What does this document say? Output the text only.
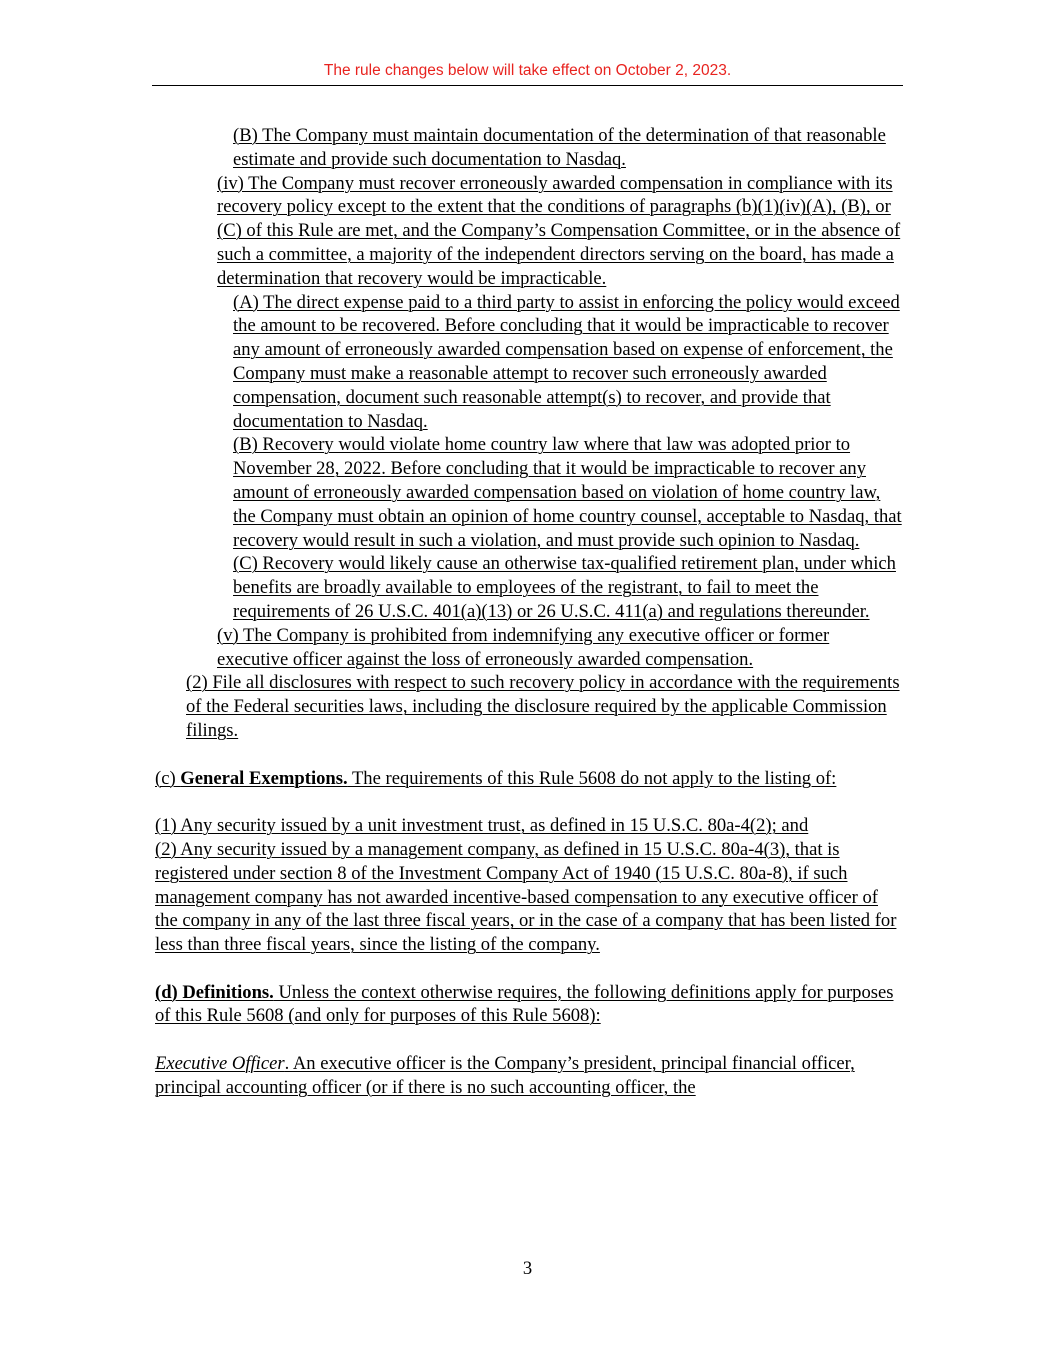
The rule changes below will take effect on October 2, 2023.

(B) The Company must maintain documentation of the determination of that reasonable estimate and provide such documentation to Nasdaq.

(iv) The Company must recover erroneously awarded compensation in compliance with its recovery policy except to the extent that the conditions of paragraphs (b)(1)(iv)(A), (B), or (C) of this Rule are met, and the Company’s Compensation Committee, or in the absence of such a committee, a majority of the independent directors serving on the board, has made a determination that recovery would be impracticable.

(A) The direct expense paid to a third party to assist in enforcing the policy would exceed the amount to be recovered. Before concluding that it would be impracticable to recover any amount of erroneously awarded compensation based on expense of enforcement, the Company must make a reasonable attempt to recover such erroneously awarded compensation, document such reasonable attempt(s) to recover, and provide that documentation to Nasdaq.

(B) Recovery would violate home country law where that law was adopted prior to November 28, 2022. Before concluding that it would be impracticable to recover any amount of erroneously awarded compensation based on violation of home country law, the Company must obtain an opinion of home country counsel, acceptable to Nasdaq, that recovery would result in such a violation, and must provide such opinion to Nasdaq.

(C) Recovery would likely cause an otherwise tax-qualified retirement plan, under which benefits are broadly available to employees of the registrant, to fail to meet the requirements of 26 U.S.C. 401(a)(13) or 26 U.S.C. 411(a) and regulations thereunder.

(v) The Company is prohibited from indemnifying any executive officer or former executive officer against the loss of erroneously awarded compensation.

(2) File all disclosures with respect to such recovery policy in accordance with the requirements of the Federal securities laws, including the disclosure required by the applicable Commission filings.

(c) General Exemptions. The requirements of this Rule 5608 do not apply to the listing of:

(1) Any security issued by a unit investment trust, as defined in 15 U.S.C. 80a-4(2); and

(2) Any security issued by a management company, as defined in 15 U.S.C. 80a-4(3), that is registered under section 8 of the Investment Company Act of 1940 (15 U.S.C. 80a-8), if such management company has not awarded incentive-based compensation to any executive officer of the company in any of the last three fiscal years, or in the case of a company that has been listed for less than three fiscal years, since the listing of the company.

(d) Definitions. Unless the context otherwise requires, the following definitions apply for purposes of this Rule 5608 (and only for purposes of this Rule 5608):

Executive Officer. An executive officer is the Company’s president, principal financial officer, principal accounting officer (or if there is no such accounting officer, the

3
